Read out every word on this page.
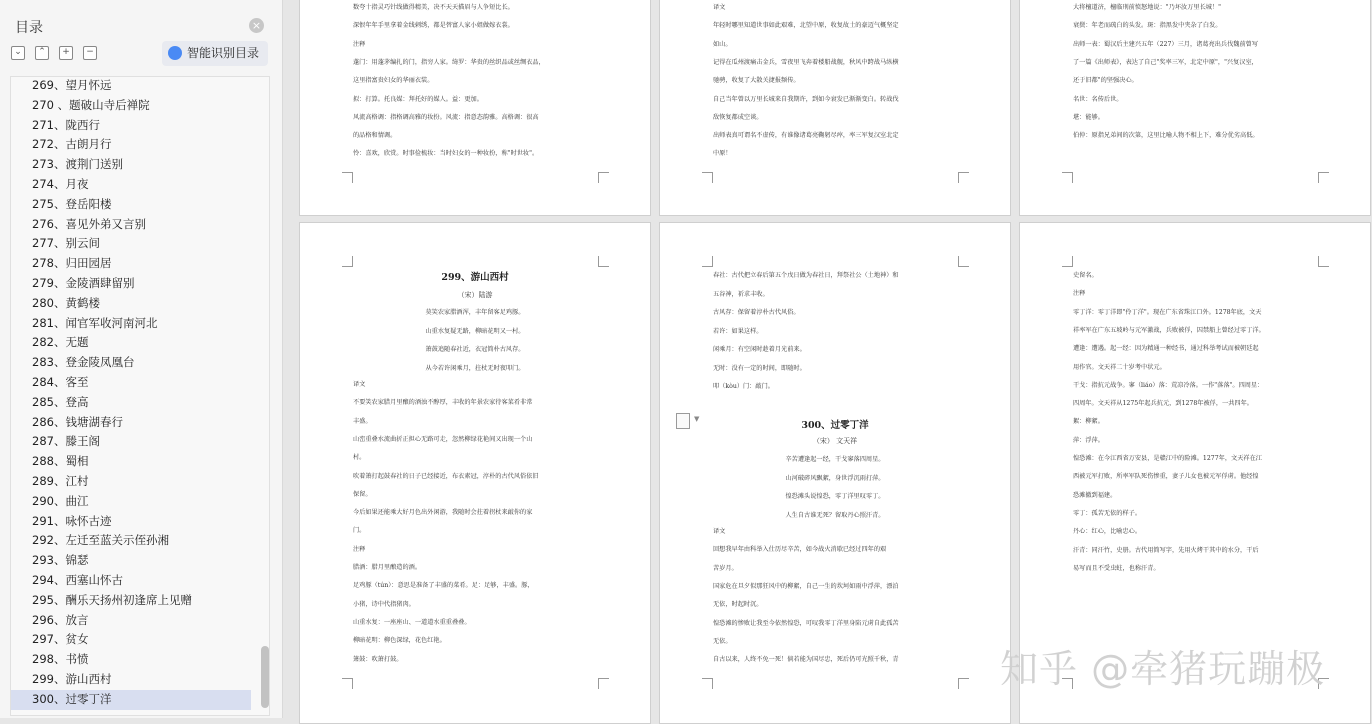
目录	×
⌄	⌃	+	−	智能识别目录
269、望月怀远
270 、题破山寺后禅院
271、陇西行
272、古朗月行
273、渡荆门送别
274、月夜
275、登岳阳楼
276、喜见外弟又言别
277、别云间
278、归田园居
279、金陵酒肆留别
280、黄鹤楼
281、闻官军收河南河北
282、无题
283、登金陵凤凰台
284、客至
285、登高
286、钱塘湖春行
287、滕王阁
288、蜀相
289、江村
290、曲江
291、咏怀古迹
292、左迁至蓝关示侄孙湘
293、锦瑟
294、西塞山怀古
295、酬乐天扬州初逢席上见赠
296、放言
297、贫女
298、书愤
299、游山西村
300、过零丁洋
数夸十指灵巧针线做得精美，决不天天描眉与人争短比长。
深恨年年手里拿着金线刺绣，都是替富人家小姐做嫁衣裳。
注释
蓬门：用蓬茅编扎的门，指穷人家。绮罗：华贵的丝织品或丝绸衣品，
这里指富贵妇女的华丽衣装。
拟：打算。托良媒：拜托好的媒人。益：更加。
风流高格调：指格调高雅的妆扮。风流：指意态韵雅。高格调：很高
的品格和情调。
怜：喜欢，欣赏。时事俭梳妆：当时妇女的一种妆扮，称"时世妆"。
译文
年轻时哪里知道世事如此艰难，北望中原，收复故土的豪迈气概坚定
如山。
记得在瓜州渡痛击金兵，雪夜里飞奔着楼船战舰，秋风中跨战马纵横
驰骋，收复了大散关捷报频传。
自己当年曾以万里长城来自我期许，到如今衰发已渐渐变白。转战伐
敌恢复都成空谈。
出师表真可谓名不虚传，有谁像诸葛亮鞠躬尽瘁，率三军复汉室北定
中原！
大将檀道济，檀临刑前愤怒地说："乃坏汝万里长城！"
衰鬓：年老而疏白的头发。斑：指黑发中夹杂了白发。
出师一表：蜀汉后主建兴五年（227）三月，诸葛亮出兵伐魏前曾写
了一篇《出师表》，表达了自己"奖率三军，北定中原"，"兴复汉室，
还于旧都"的坚强决心。
名世：名传后世。
堪：能够。
伯仲：原指兄弟间的次第，这里比喻人物不相上下，难分优劣高低。
299、游山西村
（宋）陆游
莫笑农家腊酒浑，丰年留客足鸡豚。
山重水复疑无路，柳暗花明又一村。
箫鼓追随春社近，衣冠简朴古风存。
从今若许闲乘月，拄杖无时夜叩门。
译文
不要笑农家腊月里酿的酒浊不醇厚，丰收的年景农家待客菜肴非常
丰盛。
山峦重叠水流曲折正担心无路可走，忽然柳绿花艳间又出现一个山
村。
吹着箫打起鼓春社的日子已经接近，布衣素冠，淳朴的古代风俗依旧
保留。
今后如果还能乘大好月色出外闲游，我随时会拄着拐杖来敲你的家
门。
注释
腊酒：腊月里酿造的酒。
足鸡豚（tún）：意思是准备了丰盛的菜肴。足：足够，丰盛。豚，
小猪，诗中代指猪肉。
山重水复：一座座山、一道道水重重叠叠。
柳暗花明：柳色深绿，花色红艳。
箫鼓：吹箫打鼓。
春社：古代把立春后第五个戊日做为春社日，拜祭社公（土地神）和
五谷神，祈求丰收。
古风存：保留着淳朴古代风俗。
若许：如果这样。
闲乘月：有空闲时趁着月光前来。
无时：没有一定的时间，即随时。
叩（kòu）门：敲门。
300、过零丁洋
（宋） 文天祥
辛苦遭逢起一经，干戈寥落四周星。
山河破碎风飘絮，身世浮沉雨打萍。
惶恐滩头说惶恐，零丁洋里叹零丁。
人生自古谁无死？留取丹心照汗青。
译文
回想我早年由科举入仕历尽辛苦，如今战火消歇已经过四年的艰
苦岁月。
国家危在旦夕似那狂风中的柳絮，自己一生的坎坷如雨中浮萍，漂泊
无依，时起时沉。
惶恐滩的惨败让我至今依然惶恐，可叹我零丁洋里身陷元虏自此孤苦
无依。
自古以来，人终不免一死！倘若能为国尽忠，死后仍可光照千秋，青
史留名。
注释
零丁洋：零丁洋即"伶丁洋"。现在广东省珠江口外。1278年底，文天
祥率军在广东五坡岭与元军激战，兵败被俘，囚禁船上曾经过零丁洋。
遭逢：遭遇。起一经：因为精通一种经书，通过科举考试而被朝廷起
用作官。文天祥二十岁考中状元。
干戈：指抗元战争。寥（liáo）落：荒凉冷落。一作"落落"。四周星：
四周年。文天祥从1275年起兵抗元，到1278年被俘，一共四年。
絮：柳絮。
萍：浮萍。
惶恐滩：在今江西省万安县，是赣江中的险滩。1277年，文天祥在江
西被元军打败，所率军队死伤惨重，妻子儿女也被元军俘虏。他经惶
恐滩撤到福建。
零丁：孤苦无依的样子。
丹心：红心，比喻忠心。
汗青：同汗竹，史册。古代用简写字，先用火烤干其中的水分，干后
易写而且不受虫蛀，也称汗青。
▼
知乎 @牵猪玩蹦极
